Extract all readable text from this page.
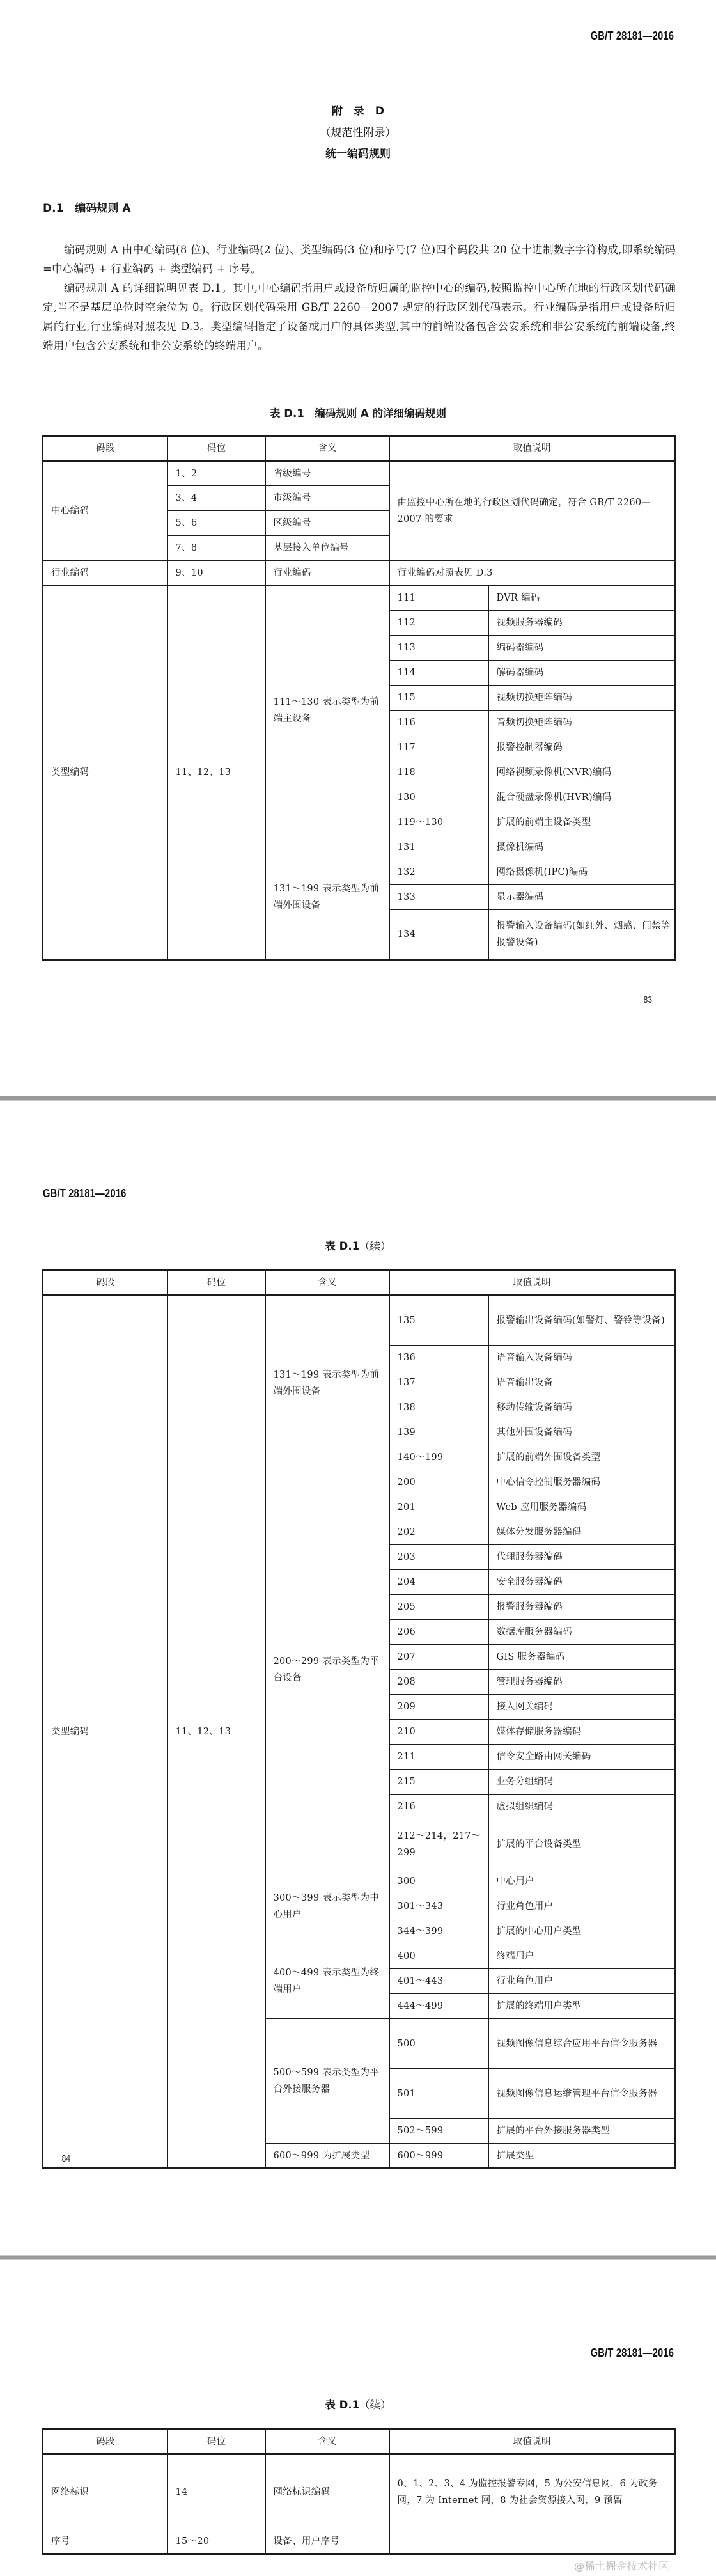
GB/T 28181—2016
附　录　D
（规范性附录）
统一编码规则
D.1 编码规则 A

编码规则 A 由中心编码(8 位)、行业编码(2 位)、类型编码(3 位)和序号(7 位)四个码段共 20 位十进制数字字符构成,即系统编码 =中心编码 + 行业编码 + 类型编码 + 序号。

编码规则 A 的详细说明见表 D.1。其中,中心编码指用户或设备所归属的监控中心的编码,按照监控中心所在地的行政区划代码确定,当不是基层单位时空余位为 0。行政区划代码采用 GB/T 2260—2007 规定的行政区划代码表示。行业编码是指用户或设备所归属的行业,行业编码对照表见 D.3。类型编码指定了设备或用户的具体类型,其中的前端设备包含公安系统和非公安系统的前端设备,终端用户包含公安系统和非公安系统的终端用户。

表 D.1　编码规则 A 的详细编码规则
码段	码位	含义	取值说明	
中心编码	1、2	省级编号	由监控中心所在地的行政区划代码确定，符合 GB/T 2260—2007 的要求	
	3、4	市级编号		
	5、6	区级编号		
	7、8	基层接入单位编号		
行业编码	9、10	行业编码	行业编码对照表见 D.3	
类型编码	11、12、13	111～130 表示类型为前端主设备	111	DVR 编码
			112	视频服务器编码
			113	编码器编码
			114	解码器编码
			115	视频切换矩阵编码
			116	音频切换矩阵编码
			117	报警控制器编码
			118	网络视频录像机(NVR)编码
			130	混合硬盘录像机(HVR)编码
			119～130	扩展的前端主设备类型
		131～199 表示类型为前端外围设备	131	摄像机编码
			132	网络摄像机(IPC)编码
			133	显示器编码
			134	报警输入设备编码(如红外、烟感、门禁等报警设备)
83
GB/T 28181—2016
表 D.1（续）
码段	码位	含义	取值说明	
类型编码	11、12、13	131～199 表示类型为前端外围设备	135	报警输出设备编码(如警灯、警铃等设备)
			136	语音输入设备编码
			137	语音输出设备
			138	移动传输设备编码
			139	其他外围设备编码
			140～199	扩展的前端外围设备类型
		200～299 表示类型为平台设备	200	中心信令控制服务器编码
			201	Web 应用服务器编码
			202	媒体分发服务器编码
			203	代理服务器编码
			204	安全服务器编码
			205	报警服务器编码
			206	数据库服务器编码
			207	GIS 服务器编码
			208	管理服务器编码
			209	接入网关编码
			210	媒体存储服务器编码
			211	信令安全路由网关编码
			215	业务分组编码
			216	虚拟组织编码
			212～214，217～299	扩展的平台设备类型
		300～399 表示类型为中心用户	300	中心用户
			301～343	行业角色用户
			344～399	扩展的中心用户类型
		400～499 表示类型为终端用户	400	终端用户
			401～443	行业角色用户
			444～499	扩展的终端用户类型
		500～599 表示类型为平台外接服务器	500	视频图像信息综合应用平台信令服务器
			501	视频图像信息运维管理平台信令服务器
			502～599	扩展的平台外接服务器类型
		600～999 为扩展类型	600～999	扩展类型
84
GB/T 28181—2016
表 D.1（续）
码段	码位	含义	取值说明
网络标识	14	网络标识编码	0、1、2、3、4 为监控报警专网，5 为公安信息网，6 为政务网，7 为 Internet 网，8 为社会资源接入网，9 预留
序号	15～20	设备、用户序号	
@稀土掘金技术社区
